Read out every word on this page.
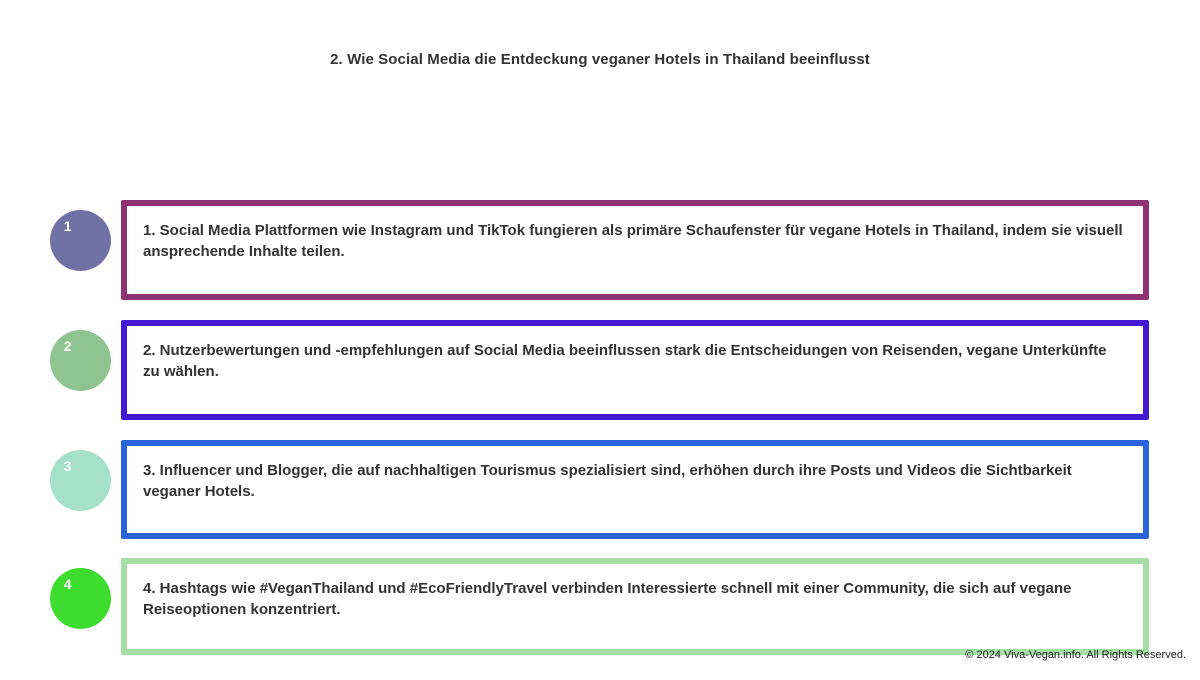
2. Wie Social Media die Entdeckung veganer Hotels in Thailand beeinflusst
1	1. Social Media Plattformen wie Instagram und TikTok fungieren als primäre Schaufenster für vegane Hotels in Thailand, indem sie visuell ansprechende Inhalte teilen.
2	2. Nutzerbewertungen und -empfehlungen auf Social Media beeinflussen stark die Entscheidungen von Reisenden, vegane Unterkünfte zu wählen.
3	3. Influencer und Blogger, die auf nachhaltigen Tourismus spezialisiert sind, erhöhen durch ihre Posts und Videos die Sichtbarkeit veganer Hotels.
4	4. Hashtags wie #VeganThailand und #EcoFriendlyTravel verbinden Interessierte schnell mit einer Community, die sich auf vegane Reiseoptionen konzentriert.
© 2024 Viva-Vegan.info. All Rights Reserved.
